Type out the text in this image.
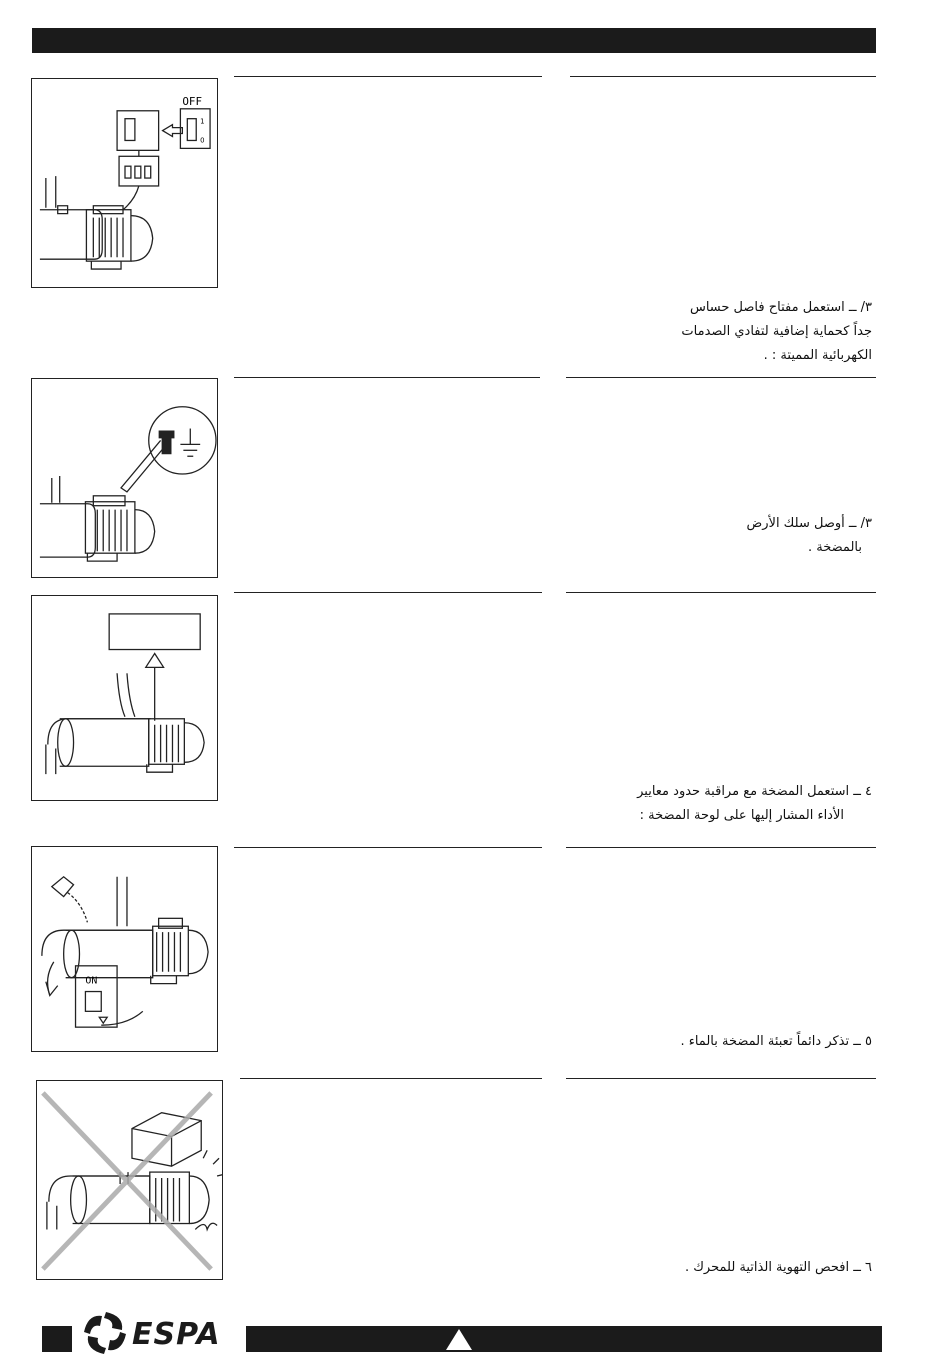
OFF
1
0
٣/ ــ استعمل مفتاح فاصل حساس
جداً كحماية إضافية لتفادي الصدمات
الكهربائية المميتة : .
٣/ ــ أوصل سلك الأرض
بالمضخة .
٤ ــ استعمل المضخة مع مراقبة حدود معايير
الأداء المشار إليها على لوحة المضخة :
ON
٥ ــ تذكر دائماً تعبئة المضخة بالماء .
٦ ــ افحص التهوية الذاتية للمحرك .
ESPA
